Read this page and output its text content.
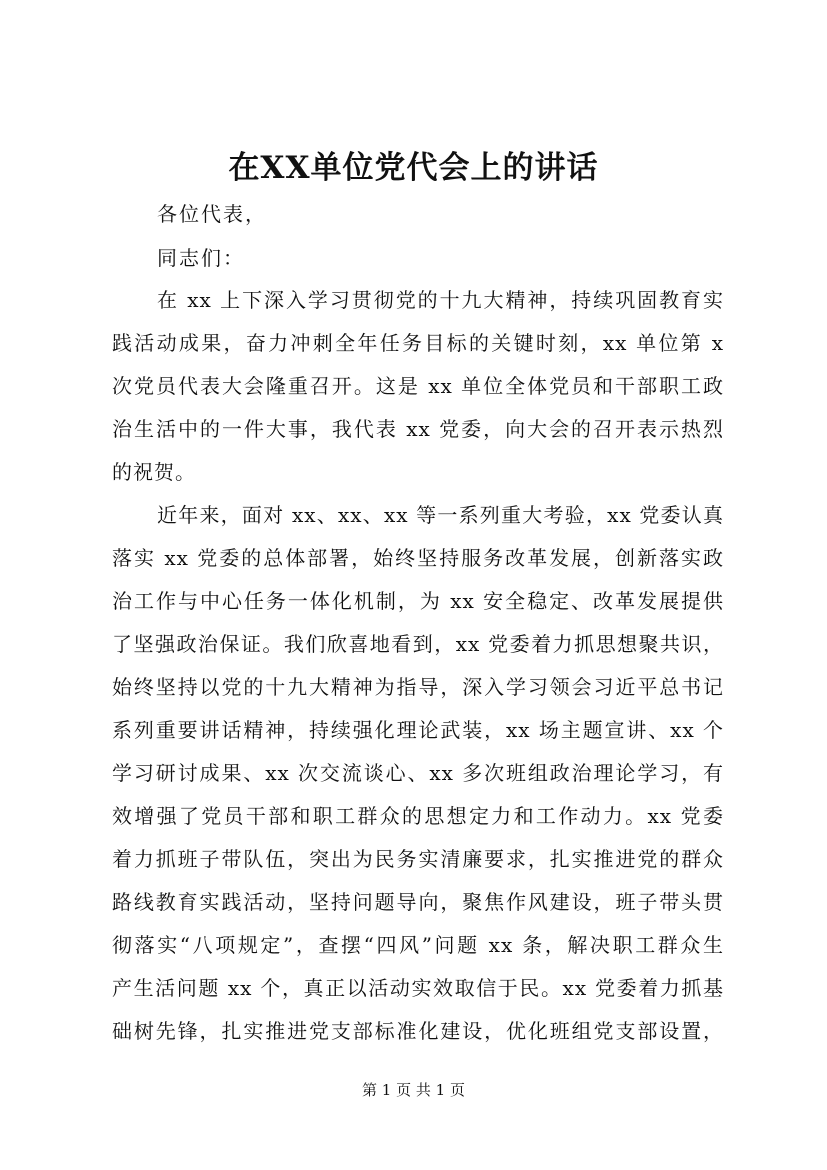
在XX单位党代会上的讲话
各位代表，
同志们：
在 xx 上下深入学习贯彻党的十九大精神，持续巩固教育实
践活动成果，奋力冲刺全年任务目标的关键时刻，xx 单位第 x
次党员代表大会隆重召开。这是 xx 单位全体党员和干部职工政
治生活中的一件大事，我代表 xx 党委，向大会的召开表示热烈
的祝贺。
近年来，面对 xx、xx、xx 等一系列重大考验，xx 党委认真
落实 xx 党委的总体部署，始终坚持服务改革发展，创新落实政
治工作与中心任务一体化机制，为 xx 安全稳定、改革发展提供
了坚强政治保证。我们欣喜地看到，xx 党委着力抓思想聚共识，
始终坚持以党的十九大精神为指导，深入学习领会习近平总书记
系列重要讲话精神，持续强化理论武装，xx 场主题宣讲、xx 个
学习研讨成果、xx 次交流谈心、xx 多次班组政治理论学习，有
效增强了党员干部和职工群众的思想定力和工作动力。xx 党委
着力抓班子带队伍，突出为民务实清廉要求，扎实推进党的群众
路线教育实践活动，坚持问题导向，聚焦作风建设，班子带头贯
彻落实“八项规定”，查摆“四风”问题 xx 条，解决职工群众生
产生活问题 xx 个，真正以活动实效取信于民。xx 党委着力抓基
础树先锋，扎实推进党支部标准化建设，优化班组党支部设置，
第 1 页 共 1 页
